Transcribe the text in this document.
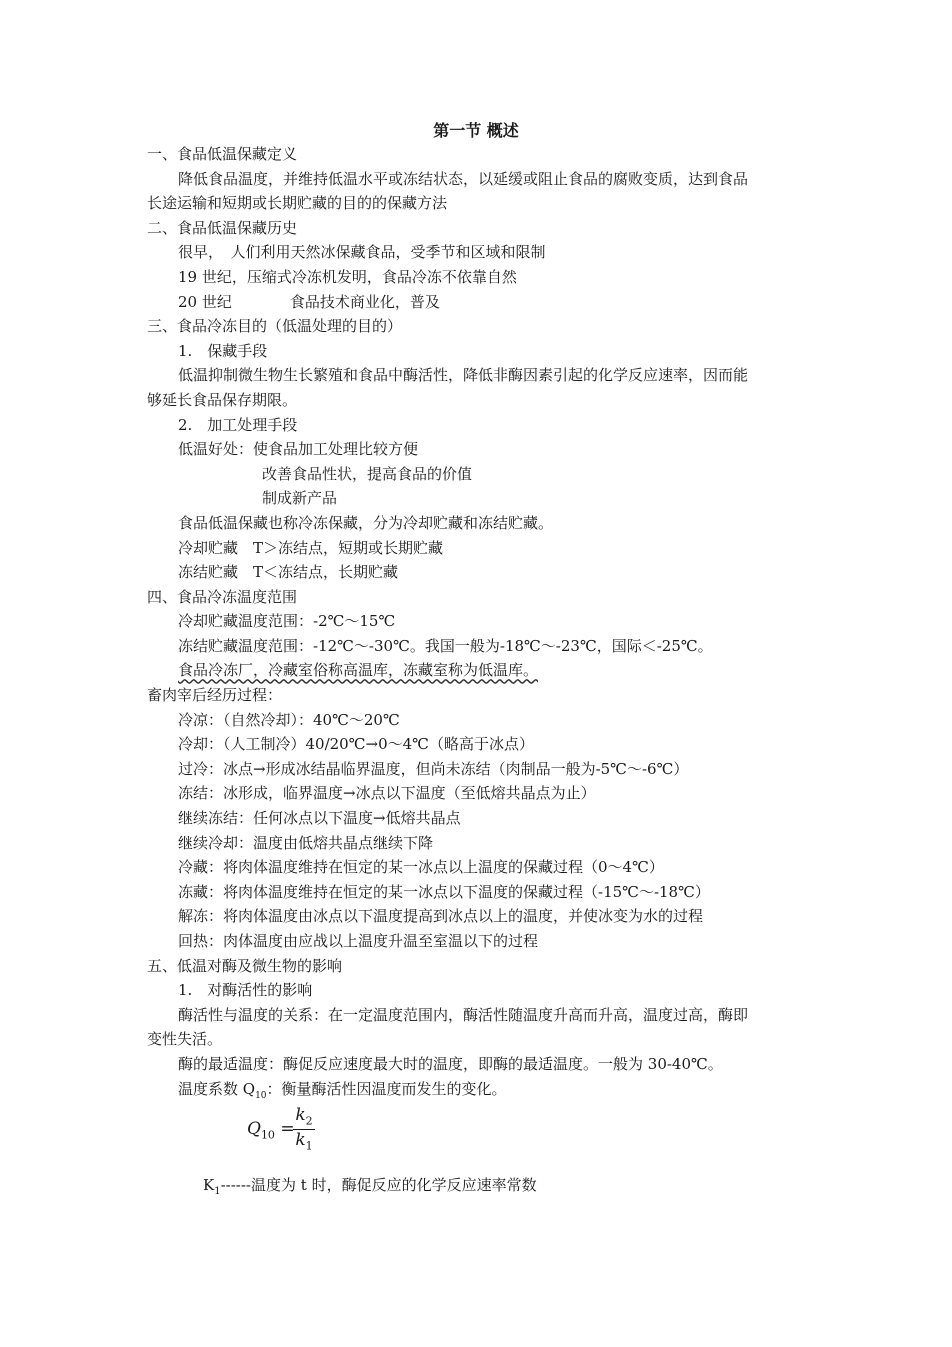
第一节 概述
一、食品低温保藏定义
降低食品温度，并维持低温水平或冻结状态，以延缓或阻止食品的腐败变质，达到食品
长途运输和短期或长期贮藏的目的的保藏方法
二、食品低温保藏历史
很早，　人们利用天然冰保藏食品，受季节和区域和限制
19 世纪，压缩式冷冻机发明，食品冷冻不依靠自然
20 世纪	食品技术商业化，普及
三、食品冷冻目的（低温处理的目的）
1.　保藏手段
低温抑制微生物生长繁殖和食品中酶活性，降低非酶因素引起的化学反应速率，因而能
够延长食品保存期限。
2.　加工处理手段
低温好处：使食品加工处理比较方便
改善食品性状，提高食品的价值
制成新产品
食品低温保藏也称冷冻保藏，分为冷却贮藏和冻结贮藏。
冷却贮藏　T＞冻结点，短期或长期贮藏
冻结贮藏　T＜冻结点，长期贮藏
四、食品冷冻温度范围
冷却贮藏温度范围：-2℃～15℃
冻结贮藏温度范围：-12℃～-30℃。我国一般为-18℃～-23℃，国际＜-25℃。
食品冷冻厂，冷藏室俗称高温库，冻藏室称为低温库。
畜肉宰后经历过程：
冷凉：（自然冷却）：40℃～20℃
冷却：（人工制冷）40/20℃→0～4℃（略高于冰点）
过冷：冰点→形成冰结晶临界温度，但尚未冻结（肉制品一般为-5℃～-6℃）
冻结：冰形成，临界温度→冰点以下温度（至低熔共晶点为止）
继续冻结：任何冰点以下温度→低熔共晶点
继续冷却：温度由低熔共晶点继续下降
冷藏：将肉体温度维持在恒定的某一冰点以上温度的保藏过程（0～4℃）
冻藏：将肉体温度维持在恒定的某一冰点以下温度的保藏过程（-15℃～-18℃）
解冻：将肉体温度由冰点以下温度提高到冰点以上的温度，并使冰变为水的过程
回热：肉体温度由应战以上温度升温至室温以下的过程
五、低温对酶及微生物的影响
1.　对酶活性的影响
酶活性与温度的关系：在一定温度范围内，酶活性随温度升高而升高，温度过高，酶即
变性失活。
酶的最适温度：酶促反应速度最大时的温度，即酶的最适温度。一般为 30-40℃。
温度系数 $Q_{10}$：衡量酶活性因温度而发生的变化。
$Q_{10}$ =
$\frac{k_2}{k_1}$
$K_1------$温度为 t 时，酶促反应的化学反应速率常数
